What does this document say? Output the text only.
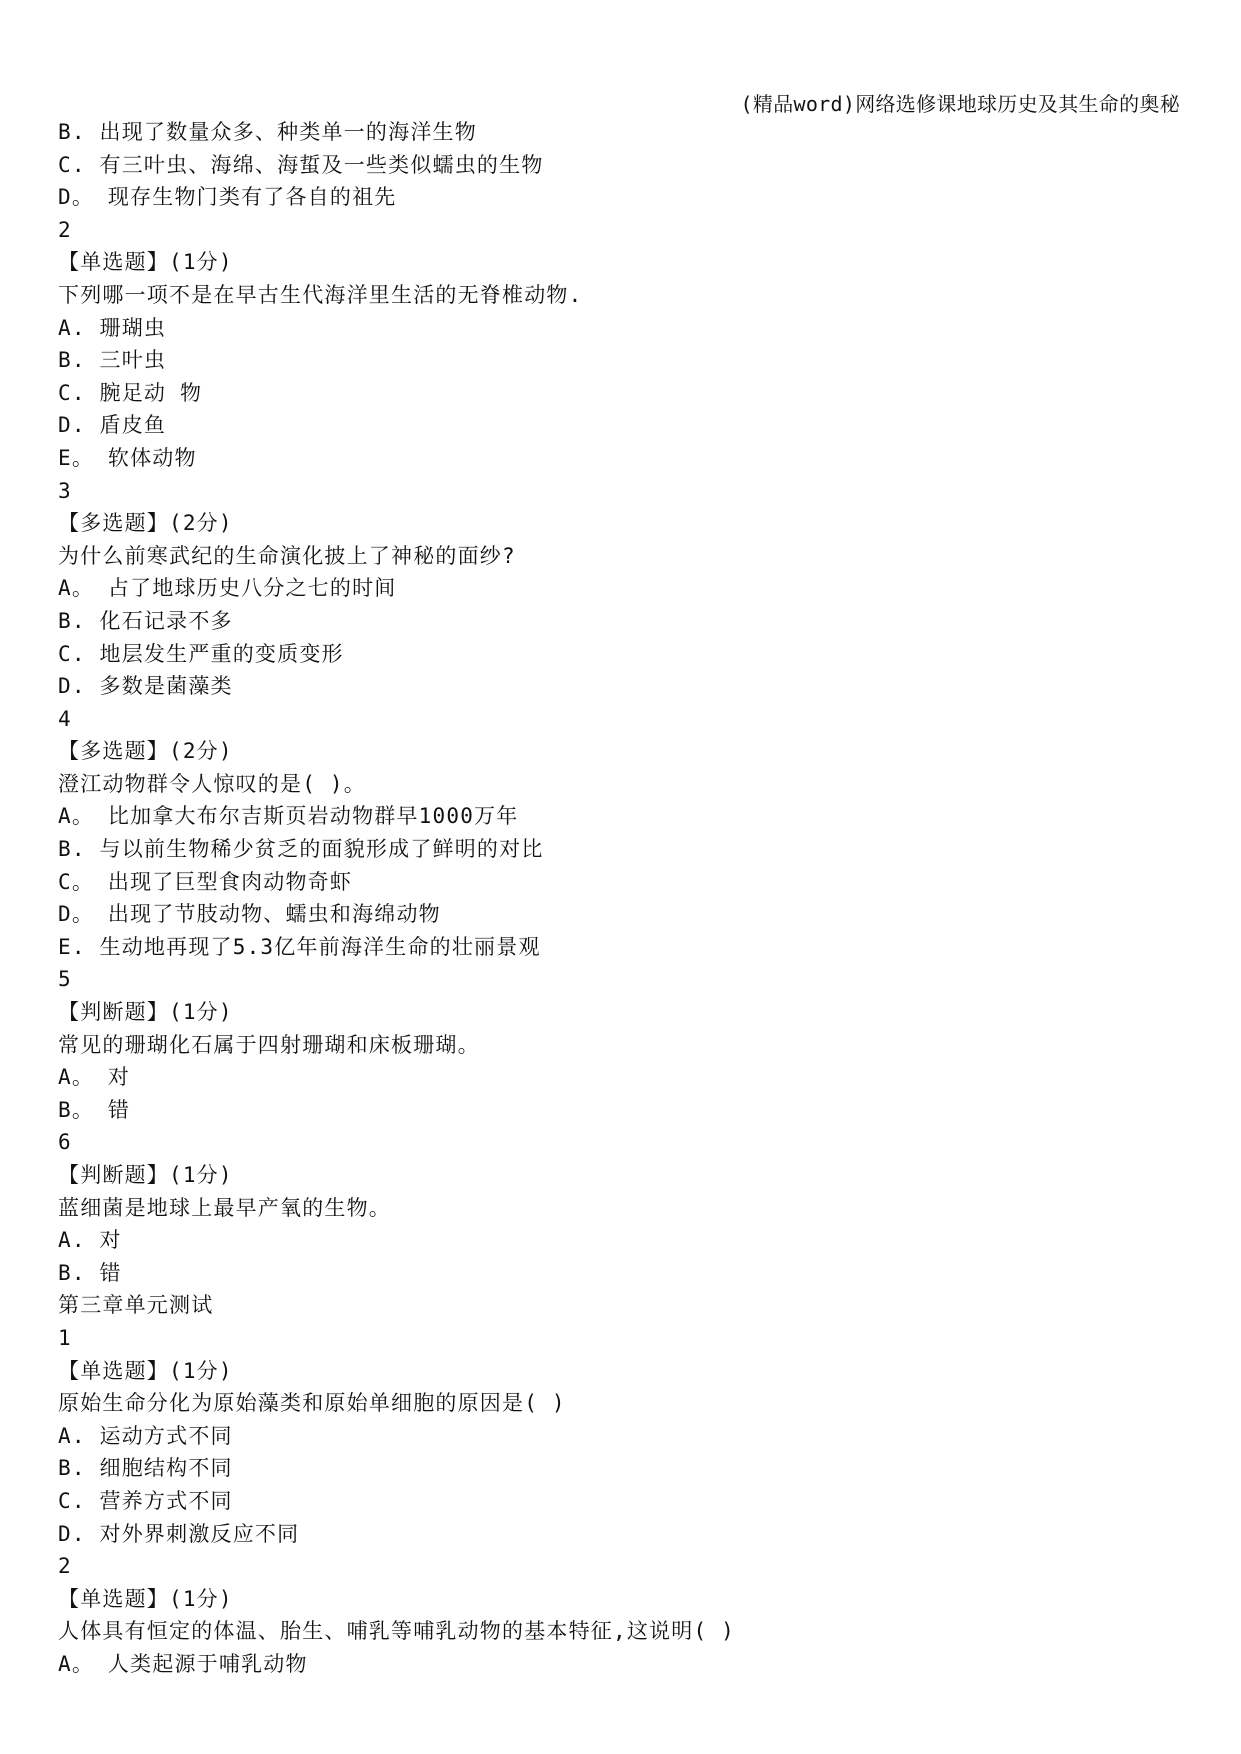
(精品word)网络选修课地球历史及其生命的奥秘
B. 出现了数量众多、种类单一的海洋生物
C. 有三叶虫、海绵、海蜇及一些类似蠕虫的生物
D。 现存生物门类有了各自的祖先
2
【单选题】(1分)
下列哪一项不是在早古生代海洋里生活的无脊椎动物.
A. 珊瑚虫
B. 三叶虫
C. 腕足动 物
D. 盾皮鱼
E。 软体动物
3
【多选题】(2分)
为什么前寒武纪的生命演化披上了神秘的面纱?
A。 占了地球历史八分之七的时间
B. 化石记录不多
C. 地层发生严重的变质变形
D. 多数是菌藻类
4
【多选题】(2分)
澄江动物群令人惊叹的是( )。
A。 比加拿大布尔吉斯页岩动物群早1000万年
B. 与以前生物稀少贫乏的面貌形成了鲜明的对比
C。 出现了巨型食肉动物奇虾
D。 出现了节肢动物、蠕虫和海绵动物
E. 生动地再现了5.3亿年前海洋生命的壮丽景观
5
【判断题】(1分)
常见的珊瑚化石属于四射珊瑚和床板珊瑚。
A。 对
B。 错
6
【判断题】(1分)
蓝细菌是地球上最早产氧的生物。
A. 对
B. 错
第三章单元测试
1
【单选题】(1分)
原始生命分化为原始藻类和原始单细胞的原因是( )
A. 运动方式不同
B. 细胞结构不同
C. 营养方式不同
D. 对外界刺激反应不同
2
【单选题】(1分)
人体具有恒定的体温、胎生、哺乳等哺乳动物的基本特征,这说明( )
A。 人类起源于哺乳动物
